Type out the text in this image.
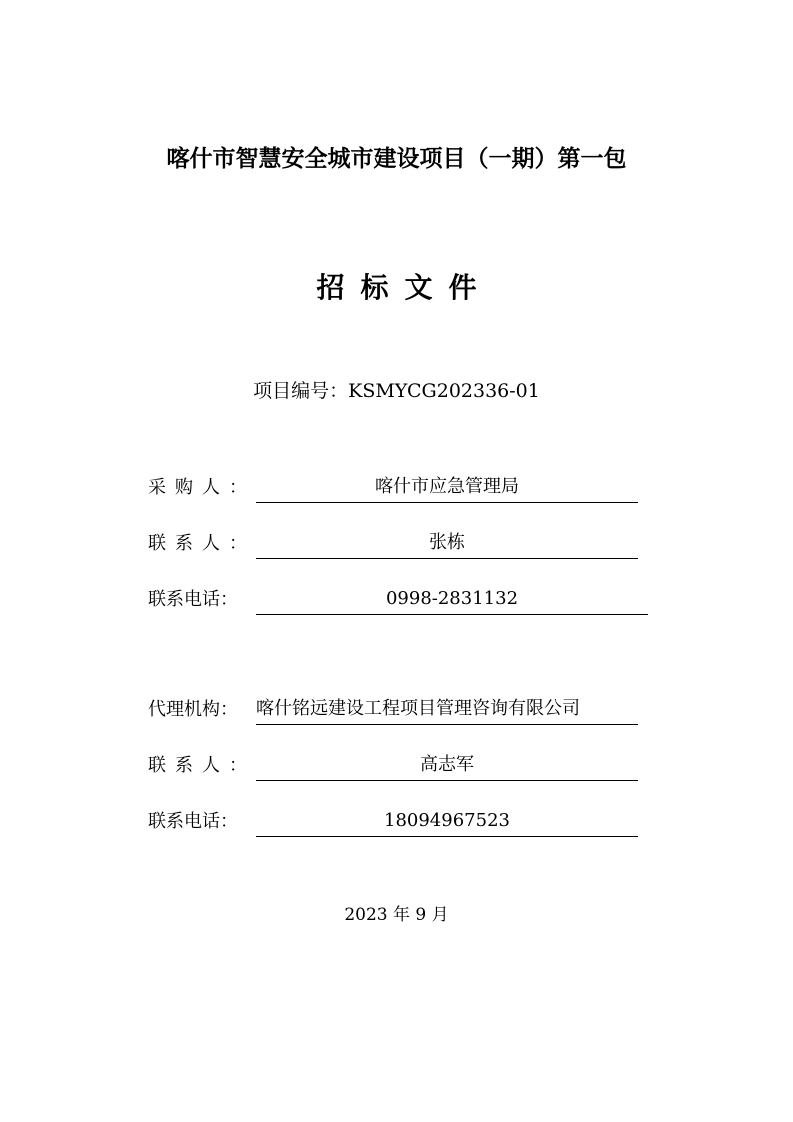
喀什市智慧安全城市建设项目（一期）第一包
招标文件
项目编号：KSMYCG202336-01
采购人：	喀什市应急管理局
联系人：	张栋
联系电话：	0998-2831132
代理机构：	喀什铭远建设工程项目管理咨询有限公司
联系人：	高志军
联系电话：	18094967523
2023 年 9 月
